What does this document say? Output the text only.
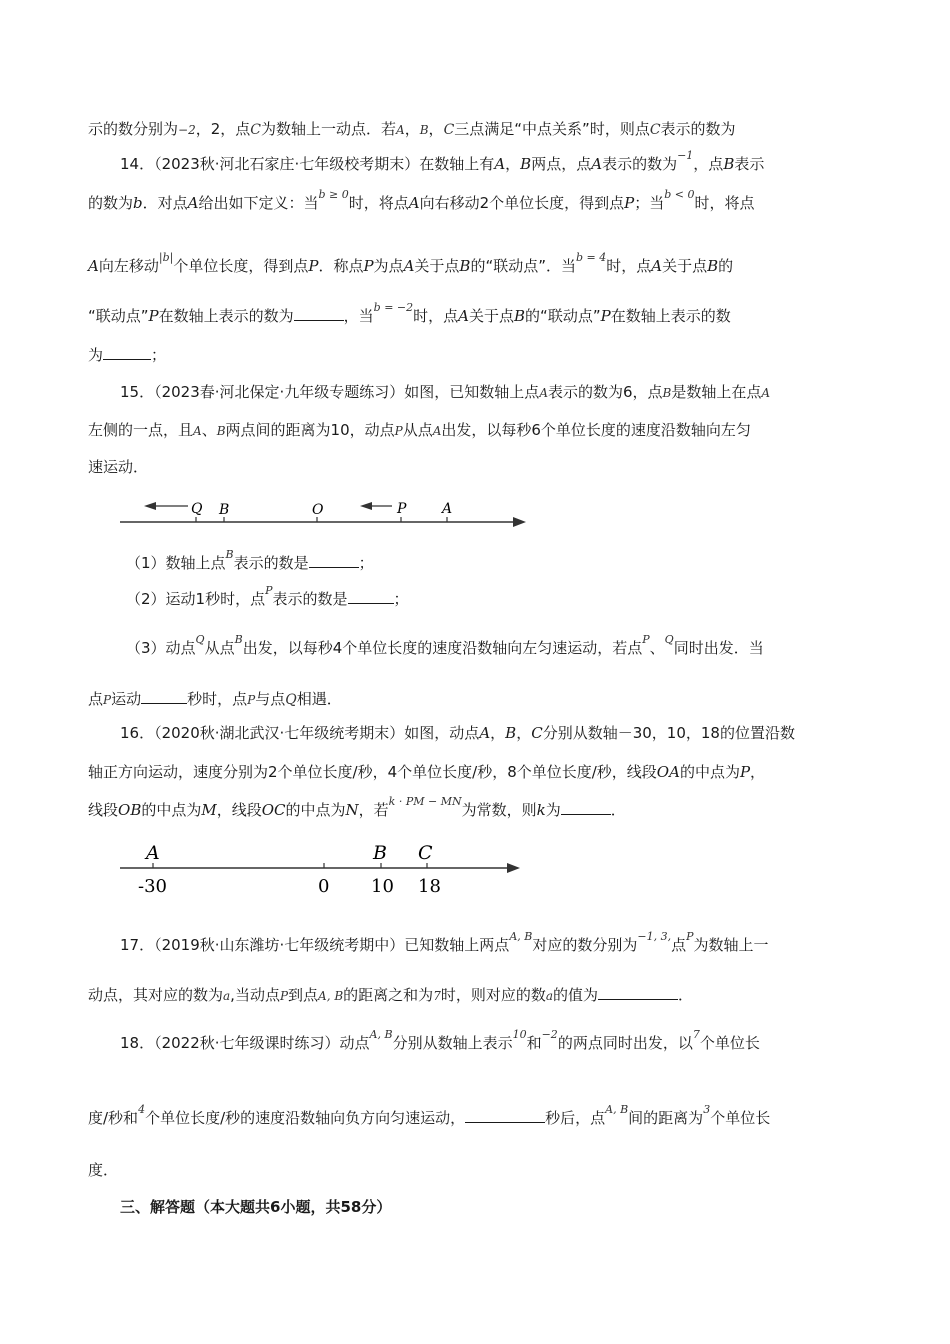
示的数分别为−2，2，点C为数轴上一动点．若A，B，C三点满足“中点关系”时，则点C表示的数为
14．（2023秋·河北石家庄·七年级校考期末）在数轴上有A，B两点，点A表示的数为$^{-1}$，点B表示
的数为b．对点A给出如下定义：当$^{b \ge 0}$时，将点A向右移动2个单位长度，得到点P；当$^{b < 0}$时，将点
A向左移动$^{|b|}$个单位长度，得到点P．称点P为点A关于点B的“联动点”．当$^{b = 4}$时，点A关于点B的
“联动点”P在数轴上表示的数为	，当$^{b = -2}$时，点A关于点B的“联动点”P在数轴上表示的数
为	；
15．（2023春·河北保定·九年级专题练习）如图，已知数轴上点A表示的数为6，点B是数轴上在点A
左侧的一点，且A、B两点间的距离为10，动点P从点A出发，以每秒6个单位长度的速度沿数轴向左匀
速运动．
Q B	O	P	A
（1）数轴上点$^B$表示的数是	；
（2）运动1秒时，点$^P$表示的数是	；
（3）动点$^Q$从点$^B$出发，以每秒4个单位长度的速度沿数轴向左匀速运动，若点$^P$、$^Q$同时出发．当
点P运动	秒时，点P与点Q相遇．
16．（2020秋·湖北武汉·七年级统考期末）如图，动点A，B，C分别从数轴－30，10，18的位置沿数
轴正方向运动，速度分别为2个单位长度/秒，4个单位长度/秒，8个单位长度/秒，线段OA的中点为P，
线段OB的中点为M，线段OC的中点为N，若$^{k \cdot PM - MN}$为常数，则k为	．
A	B C
-30	0 10 18
17．（2019秋·山东潍坊·七年级统考期中）已知数轴上两点$^{A, B}$对应的数分别为$^{-1, 3,}$点$^P$为数轴上一
动点，其对应的数为a,当动点P到点A, B的距离之和为7时，则对应的数a的值为	．
18．（2022秋·七年级课时练习）动点$^{A, B}$分别从数轴上表示$^{10}$和$^{-2}$的两点同时出发，以$^7$个单位长
度/秒和$^4$个单位长度/秒的速度沿数轴向负方向匀速运动，	秒后，点$^{A, B}$间的距离为$^3$个单位长
度．
三、解答题（本大题共6小题，共58分）
